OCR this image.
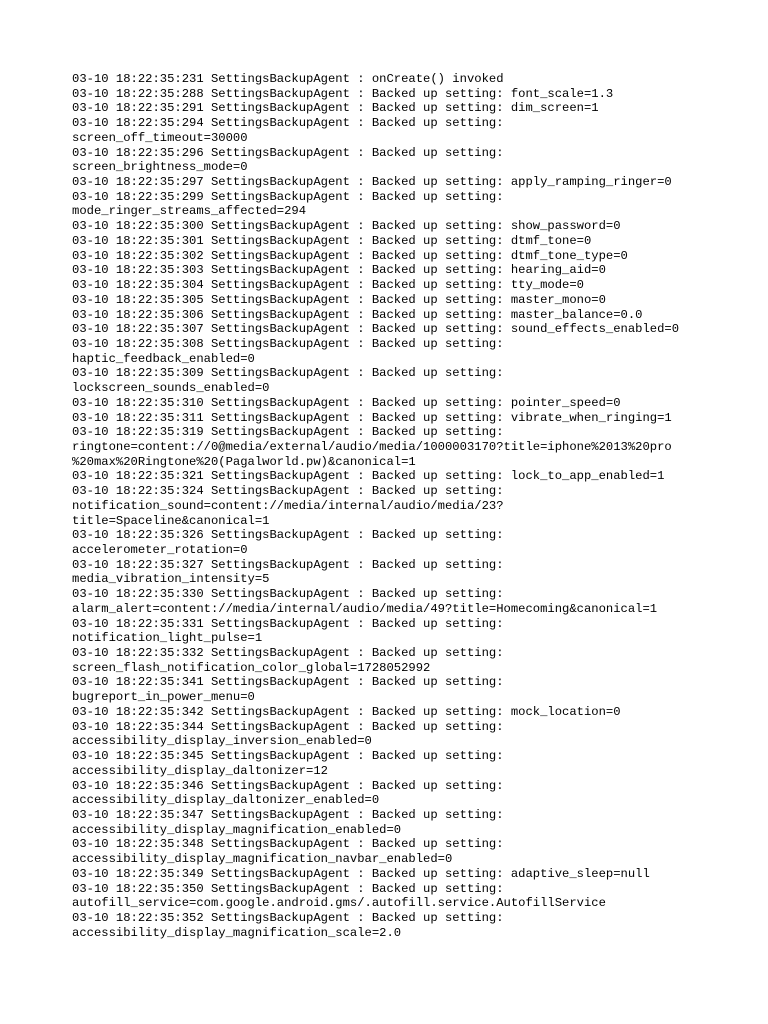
03-10 18:22:35:231 SettingsBackupAgent : onCreate() invoked
03-10 18:22:35:288 SettingsBackupAgent : Backed up setting: font_scale=1.3
03-10 18:22:35:291 SettingsBackupAgent : Backed up setting: dim_screen=1
03-10 18:22:35:294 SettingsBackupAgent : Backed up setting:
screen_off_timeout=30000
03-10 18:22:35:296 SettingsBackupAgent : Backed up setting:
screen_brightness_mode=0
03-10 18:22:35:297 SettingsBackupAgent : Backed up setting: apply_ramping_ringer=0
03-10 18:22:35:299 SettingsBackupAgent : Backed up setting:
mode_ringer_streams_affected=294
03-10 18:22:35:300 SettingsBackupAgent : Backed up setting: show_password=0
03-10 18:22:35:301 SettingsBackupAgent : Backed up setting: dtmf_tone=0
03-10 18:22:35:302 SettingsBackupAgent : Backed up setting: dtmf_tone_type=0
03-10 18:22:35:303 SettingsBackupAgent : Backed up setting: hearing_aid=0
03-10 18:22:35:304 SettingsBackupAgent : Backed up setting: tty_mode=0
03-10 18:22:35:305 SettingsBackupAgent : Backed up setting: master_mono=0
03-10 18:22:35:306 SettingsBackupAgent : Backed up setting: master_balance=0.0
03-10 18:22:35:307 SettingsBackupAgent : Backed up setting: sound_effects_enabled=0
03-10 18:22:35:308 SettingsBackupAgent : Backed up setting:
haptic_feedback_enabled=0
03-10 18:22:35:309 SettingsBackupAgent : Backed up setting:
lockscreen_sounds_enabled=0
03-10 18:22:35:310 SettingsBackupAgent : Backed up setting: pointer_speed=0
03-10 18:22:35:311 SettingsBackupAgent : Backed up setting: vibrate_when_ringing=1
03-10 18:22:35:319 SettingsBackupAgent : Backed up setting:
ringtone=content://0@media/external/audio/media/1000003170?title=iphone%2013%20pro
%20max%20Ringtone%20(Pagalworld.pw)&canonical=1
03-10 18:22:35:321 SettingsBackupAgent : Backed up setting: lock_to_app_enabled=1
03-10 18:22:35:324 SettingsBackupAgent : Backed up setting:
notification_sound=content://media/internal/audio/media/23?
title=Spaceline&canonical=1
03-10 18:22:35:326 SettingsBackupAgent : Backed up setting:
accelerometer_rotation=0
03-10 18:22:35:327 SettingsBackupAgent : Backed up setting:
media_vibration_intensity=5
03-10 18:22:35:330 SettingsBackupAgent : Backed up setting:
alarm_alert=content://media/internal/audio/media/49?title=Homecoming&canonical=1
03-10 18:22:35:331 SettingsBackupAgent : Backed up setting:
notification_light_pulse=1
03-10 18:22:35:332 SettingsBackupAgent : Backed up setting:
screen_flash_notification_color_global=1728052992
03-10 18:22:35:341 SettingsBackupAgent : Backed up setting:
bugreport_in_power_menu=0
03-10 18:22:35:342 SettingsBackupAgent : Backed up setting: mock_location=0
03-10 18:22:35:344 SettingsBackupAgent : Backed up setting:
accessibility_display_inversion_enabled=0
03-10 18:22:35:345 SettingsBackupAgent : Backed up setting:
accessibility_display_daltonizer=12
03-10 18:22:35:346 SettingsBackupAgent : Backed up setting:
accessibility_display_daltonizer_enabled=0
03-10 18:22:35:347 SettingsBackupAgent : Backed up setting:
accessibility_display_magnification_enabled=0
03-10 18:22:35:348 SettingsBackupAgent : Backed up setting:
accessibility_display_magnification_navbar_enabled=0
03-10 18:22:35:349 SettingsBackupAgent : Backed up setting: adaptive_sleep=null
03-10 18:22:35:350 SettingsBackupAgent : Backed up setting:
autofill_service=com.google.android.gms/.autofill.service.AutofillService
03-10 18:22:35:352 SettingsBackupAgent : Backed up setting:
accessibility_display_magnification_scale=2.0
